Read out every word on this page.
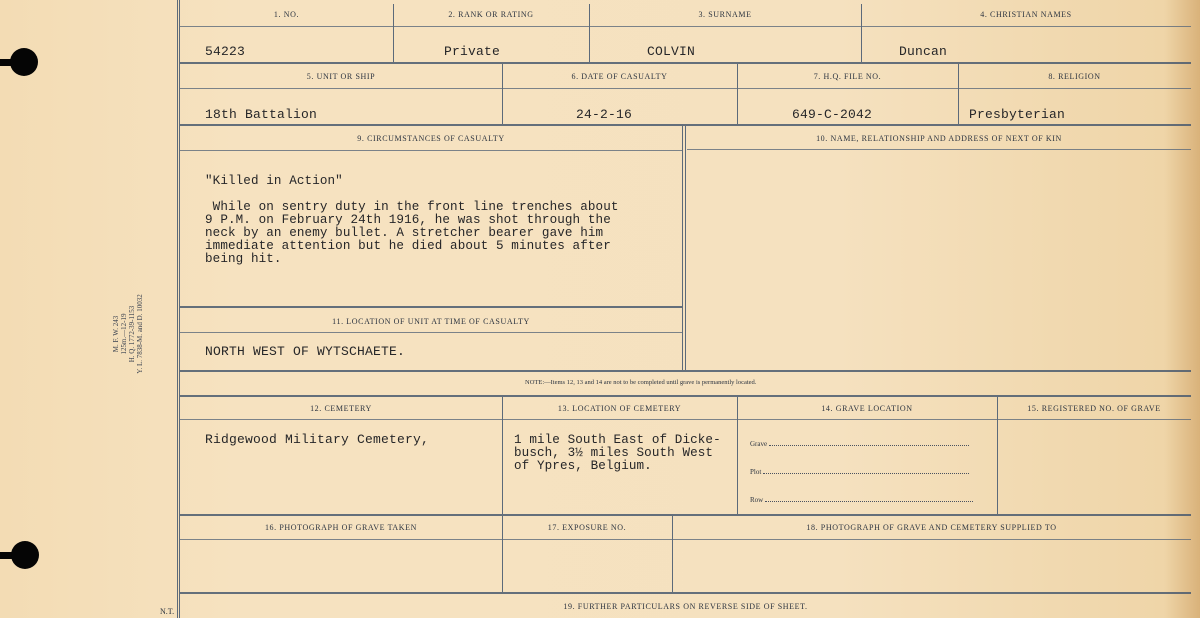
M. F. W. 243 125m.—12-19 H. Q. 1772-39-1153 Y. L. 7838-M. and D. 10032
N.T.
1. NO.	2. RANK OR RATING	3. SURNAME	4. CHRISTIAN NAMES
54223	Private	COLVIN	Duncan
5. UNIT OR SHIP	6. DATE OF CASUALTY	7. H.Q. FILE NO.	8. RELIGION
18th Battalion	24-2-16	649-C-2042	Presbyterian
9. CIRCUMSTANCES OF CASUALTY	10. NAME, RELATIONSHIP AND ADDRESS OF NEXT OF KIN
"Killed in Action"
While on sentry duty in the front line trenches about
9 P.M. on February 24th 1916, he was shot through the
neck by an enemy bullet. A stretcher bearer gave him
immediate attention but he died about 5 minutes after
being hit.
11. LOCATION OF UNIT AT TIME OF CASUALTY
NORTH WEST OF WYTSCHAETE.
NOTE:—Items 12, 13 and 14 are not to be completed until grave is permanently located.
12. CEMETERY	13. LOCATION OF CEMETERY	14. GRAVE LOCATION	15. REGISTERED NO. OF GRAVE
Ridgewood Military Cemetery,	1 mile South East of Dicke-
busch, 3½ miles South West
of Ypres, Belgium.
Grave
Plot
Row
16. PHOTOGRAPH OF GRAVE TAKEN	17. EXPOSURE NO.	18. PHOTOGRAPH OF GRAVE AND CEMETERY SUPPLIED TO
19. FURTHER PARTICULARS ON REVERSE SIDE OF SHEET.
